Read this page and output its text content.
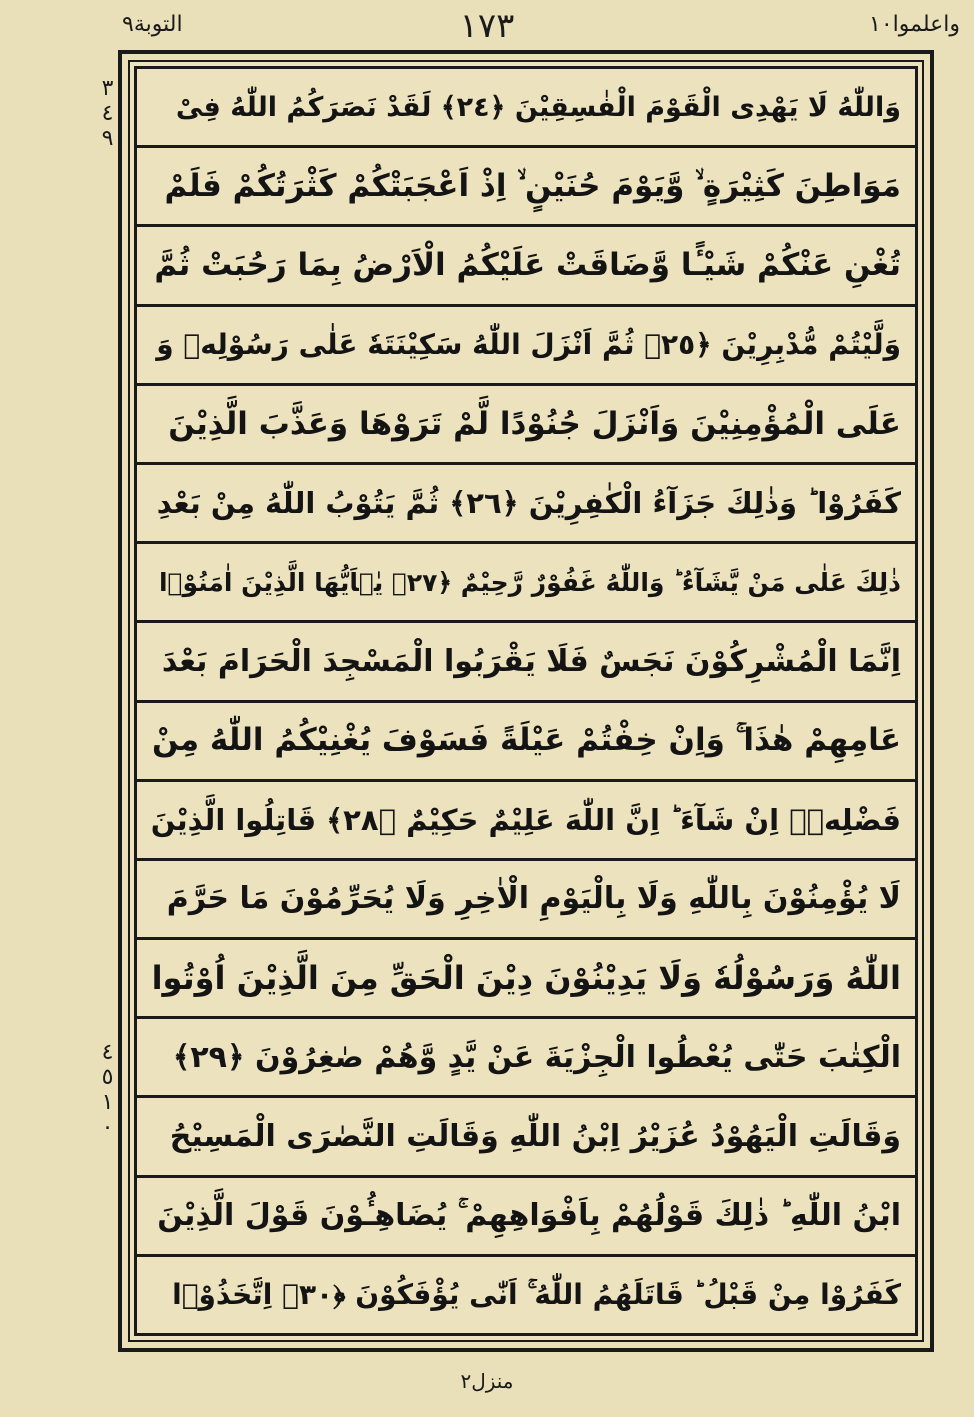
التوبة٩	١٧٣	واعلموا١٠
٣٤٩
٤٥١٠
وَاللّٰهُ لَا يَهْدِى الْقَوْمَ الْفٰسِقِيْنَ ﴿٢٤﴾ لَقَدْ نَصَرَكُمُ اللّٰهُ فِىْ
مَوَاطِنَ كَثِيْرَةٍ ۙ وَّيَوْمَ حُنَيْنٍ ۙ اِذْ اَعْجَبَتْكُمْ كَثْرَتُكُمْ فَلَمْ
تُغْنِ عَنْكُمْ شَيْـًٔا وَّضَاقَتْ عَلَيْكُمُ الْاَرْضُ بِمَا رَحُبَتْ ثُمَّ
وَلَّيْتُمْ مُّدْبِرِيْنَ ﴿٢٥﴾ ثُمَّ اَنْزَلَ اللّٰهُ سَكِيْنَتَهٗ عَلٰى رَسُوْلِهٖ وَ
عَلَى الْمُؤْمِنِيْنَ وَاَنْزَلَ جُنُوْدًا لَّمْ تَرَوْهَا وَعَذَّبَ الَّذِيْنَ
كَفَرُوْا ؕ وَذٰلِكَ جَزَآءُ الْكٰفِرِيْنَ ﴿٢٦﴾ ثُمَّ يَتُوْبُ اللّٰهُ مِنْ بَعْدِ
ذٰلِكَ عَلٰى مَنْ يَّشَآءُ ؕ وَاللّٰهُ غَفُوْرٌ رَّحِيْمٌ ﴿٢٧﴾ يٰۤاَيُّهَا الَّذِيْنَ اٰمَنُوْۤا
اِنَّمَا الْمُشْرِكُوْنَ نَجَسٌ فَلَا يَقْرَبُوا الْمَسْجِدَ الْحَرَامَ بَعْدَ
عَامِهِمْ هٰذَا ۚ وَاِنْ خِفْتُمْ عَيْلَةً فَسَوْفَ يُغْنِيْكُمُ اللّٰهُ مِنْ
فَضْلِهٖۤ اِنْ شَآءَ ؕ اِنَّ اللّٰهَ عَلِيْمٌ حَكِيْمٌ ﴿٢٨﴾ قَاتِلُوا الَّذِيْنَ
لَا يُؤْمِنُوْنَ بِاللّٰهِ وَلَا بِالْيَوْمِ الْاٰخِرِ وَلَا يُحَرِّمُوْنَ مَا حَرَّمَ
اللّٰهُ وَرَسُوْلُهٗ وَلَا يَدِيْنُوْنَ دِيْنَ الْحَقِّ مِنَ الَّذِيْنَ اُوْتُوا
الْكِتٰبَ حَتّٰى يُعْطُوا الْجِزْيَةَ عَنْ يَّدٍ وَّهُمْ صٰغِرُوْنَ ﴿٢٩﴾
وَقَالَتِ الْيَهُوْدُ عُزَيْرُ اِبْنُ اللّٰهِ وَقَالَتِ النَّصٰرَى الْمَسِيْحُ
ابْنُ اللّٰهِ ؕ ذٰلِكَ قَوْلُهُمْ بِاَفْوَاهِهِمْ ۚ يُضَاهِـُٔوْنَ قَوْلَ الَّذِيْنَ
كَفَرُوْا مِنْ قَبْلُ ؕ قَاتَلَهُمُ اللّٰهُ ۚ اَنّٰى يُؤْفَكُوْنَ ﴿٣٠﴾ اِتَّخَذُوْۤا
منزل٢
